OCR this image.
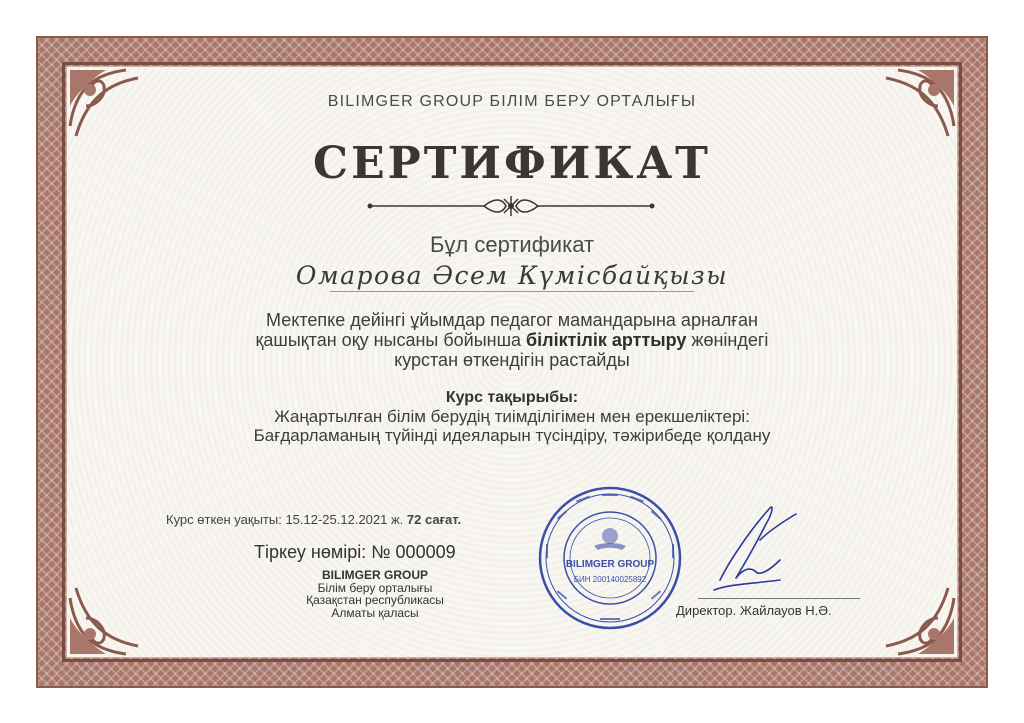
BILIMGER GROUP БІЛІМ БЕРУ ОРТАЛЫҒЫ
СЕРТИФИКАТ
Бұл сертификат
Омарова Әсем Күмісбайқызы
Мектепке дейінгі ұйымдар педагог мамандарына арналған
қашықтан оқу нысаны бойынша біліктілік арттыру жөніндегі
курстан өткендігін растайды
Курс тақырыбы:
Жаңартылған білім берудің тиімділігімен мен ерекшеліктері:
Бағдарламаның түйінді идеяларын түсіндіру, тәжірибеде қолдану
Курс өткен уақыты: 15.12-25.12.2021 ж. 72 сағат.
Тіркеу нөмірі: № 000009
BILIMGER GROUP
Білім беру орталығы
Қазақстан республикасы
Алматы қаласы
BILIMGER GROUP
БИН 200140025892
Директор. Жайлауов Н.Ә.
